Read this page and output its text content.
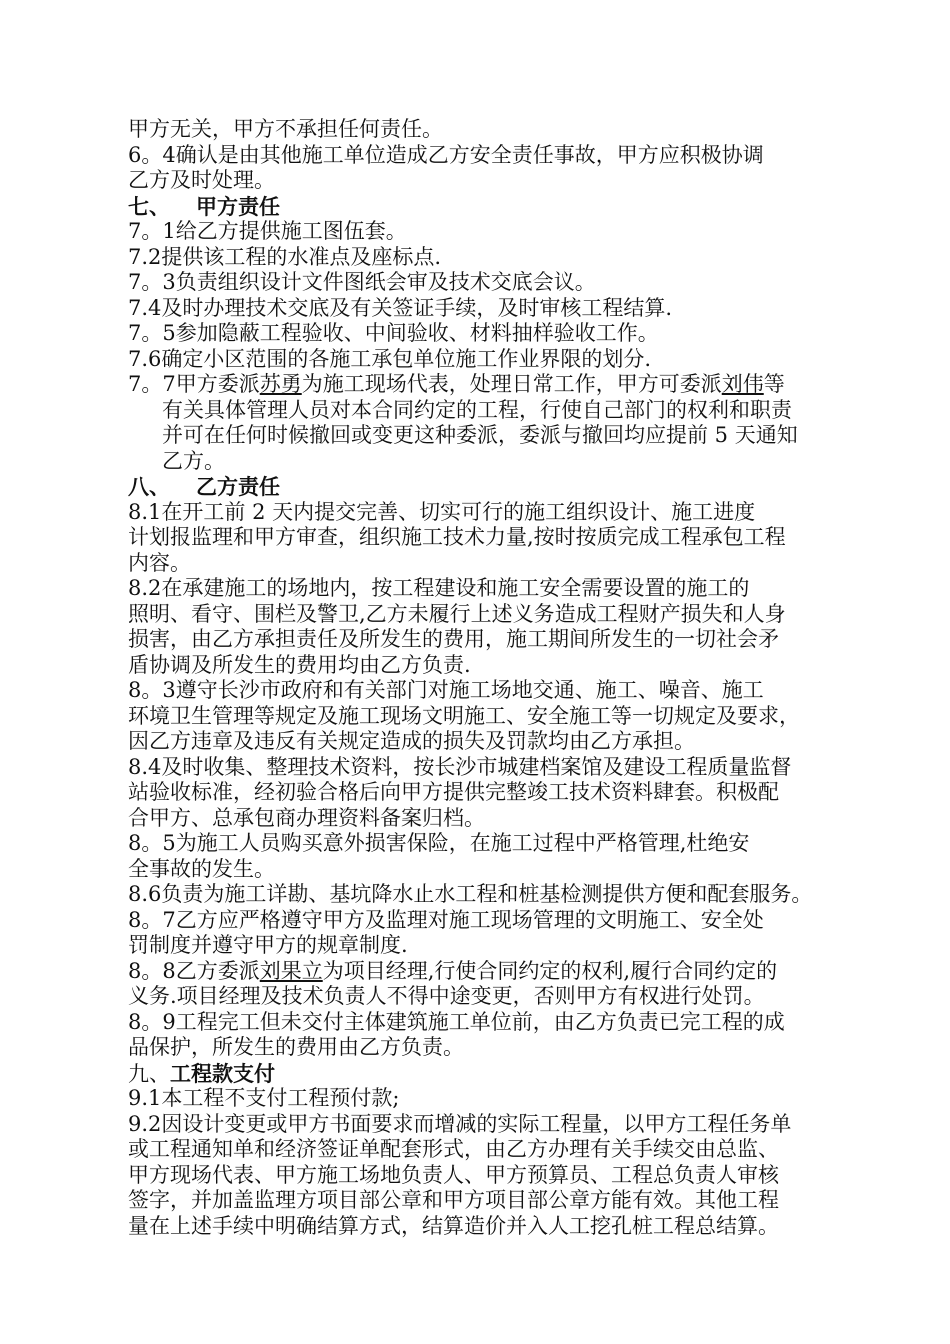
甲方无关，甲方不承担任何责任。
6。4确认是由其他施工单位造成乙方安全责任事故，甲方应积极协调
乙方及时处理。
七、 甲方责任
7。1给乙方提供施工图伍套。
7.2提供该工程的水准点及座标点.
7。3负责组织设计文件图纸会审及技术交底会议。
7.4及时办理技术交底及有关签证手续，及时审核工程结算.
7。5参加隐蔽工程验收、中间验收、材料抽样验收工作。
7.6确定小区范围的各施工承包单位施工作业界限的划分.
7。7甲方委派苏勇为施工现场代表，处理日常工作，甲方可委派刘伟等
有关具体管理人员对本合同约定的工程，行使自己部门的权利和职责
并可在任何时候撤回或变更这种委派，委派与撤回均应提前 5 天通知
乙方。
八、 乙方责任
8.1在开工前 2 天内提交完善、切实可行的施工组织设计、施工进度
计划报监理和甲方审查，组织施工技术力量,按时按质完成工程承包工程
内容。
8.2在承建施工的场地内，按工程建设和施工安全需要设置的施工的
照明、看守、围栏及警卫,乙方未履行上述义务造成工程财产损失和人身
损害，由乙方承担责任及所发生的费用，施工期间所发生的一切社会矛
盾协调及所发生的费用均由乙方负责.
8。3遵守长沙市政府和有关部门对施工场地交通、施工、噪音、施工
环境卫生管理等规定及施工现场文明施工、安全施工等一切规定及要求，
因乙方违章及违反有关规定造成的损失及罚款均由乙方承担。
8.4及时收集、整理技术资料，按长沙市城建档案馆及建设工程质量监督
站验收标准，经初验合格后向甲方提供完整竣工技术资料肆套。积极配
合甲方、总承包商办理资料备案归档。
8。5为施工人员购买意外损害保险，在施工过程中严格管理,杜绝安
全事故的发生。
8.6负责为施工详勘、基坑降水止水工程和桩基检测提供方便和配套服务。
8。7乙方应严格遵守甲方及监理对施工现场管理的文明施工、安全处
罚制度并遵守甲方的规章制度.
8。8乙方委派刘果立为项目经理,行使合同约定的权利,履行合同约定的
义务.项目经理及技术负责人不得中途变更，否则甲方有权进行处罚。
8。9工程完工但未交付主体建筑施工单位前，由乙方负责已完工程的成
品保护，所发生的费用由乙方负责。
九、工程款支付
9.1本工程不支付工程预付款;
9.2因设计变更或甲方书面要求而增减的实际工程量，以甲方工程任务单
或工程通知单和经济签证单配套形式，由乙方办理有关手续交由总监、
甲方现场代表、甲方施工场地负责人、甲方预算员、工程总负责人审核
签字，并加盖监理方项目部公章和甲方项目部公章方能有效。其他工程
量在上述手续中明确结算方式，结算造价并入人工挖孔桩工程总结算。
